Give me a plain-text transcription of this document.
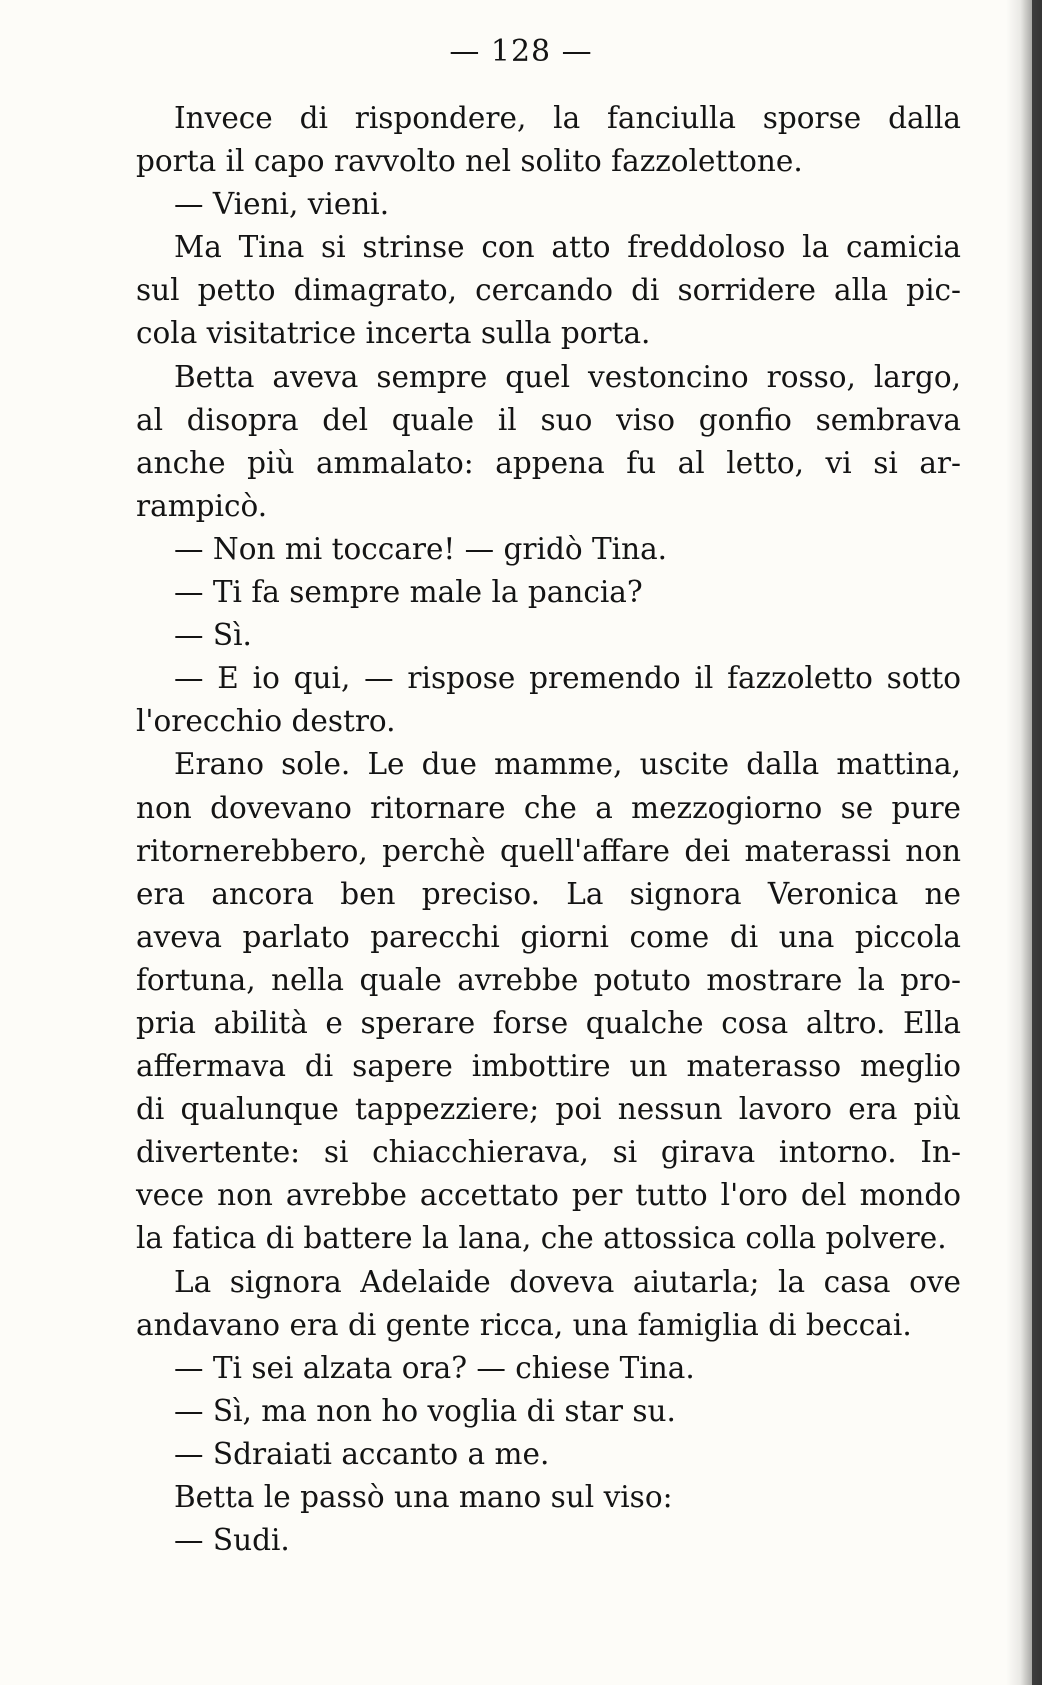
— 128 —
Invece di rispondere, la fanciulla sporse dalla
porta il capo ravvolto nel solito fazzolettone.
— Vieni, vieni.
Ma Tina si strinse con atto freddoloso la camicia
sul petto dimagrato, cercando di sorridere alla pic-
cola visitatrice incerta sulla porta.
Betta aveva sempre quel vestoncino rosso, largo,
al disopra del quale il suo viso gonfio sembrava
anche più ammalato: appena fu al letto, vi si ar-
rampicò.
— Non mi toccare! — gridò Tina.
— Ti fa sempre male la pancia?
— Sì.
— E io qui, — rispose premendo il fazzoletto sotto
l'orecchio destro.
Erano sole. Le due mamme, uscite dalla mattina,
non dovevano ritornare che a mezzogiorno se pure
ritornerebbero, perchè quell'affare dei materassi non
era ancora ben preciso. La signora Veronica ne
aveva parlato parecchi giorni come di una piccola
fortuna, nella quale avrebbe potuto mostrare la pro-
pria abilità e sperare forse qualche cosa altro. Ella
affermava di sapere imbottire un materasso meglio
di qualunque tappezziere; poi nessun lavoro era più
divertente: si chiacchierava, si girava intorno. In-
vece non avrebbe accettato per tutto l'oro del mondo
la fatica di battere la lana, che attossica colla polvere.
La signora Adelaide doveva aiutarla; la casa ove
andavano era di gente ricca, una famiglia di beccai.
— Ti sei alzata ora? — chiese Tina.
— Sì, ma non ho voglia di star su.
— Sdraiati accanto a me.
Betta le passò una mano sul viso:
— Sudi.
